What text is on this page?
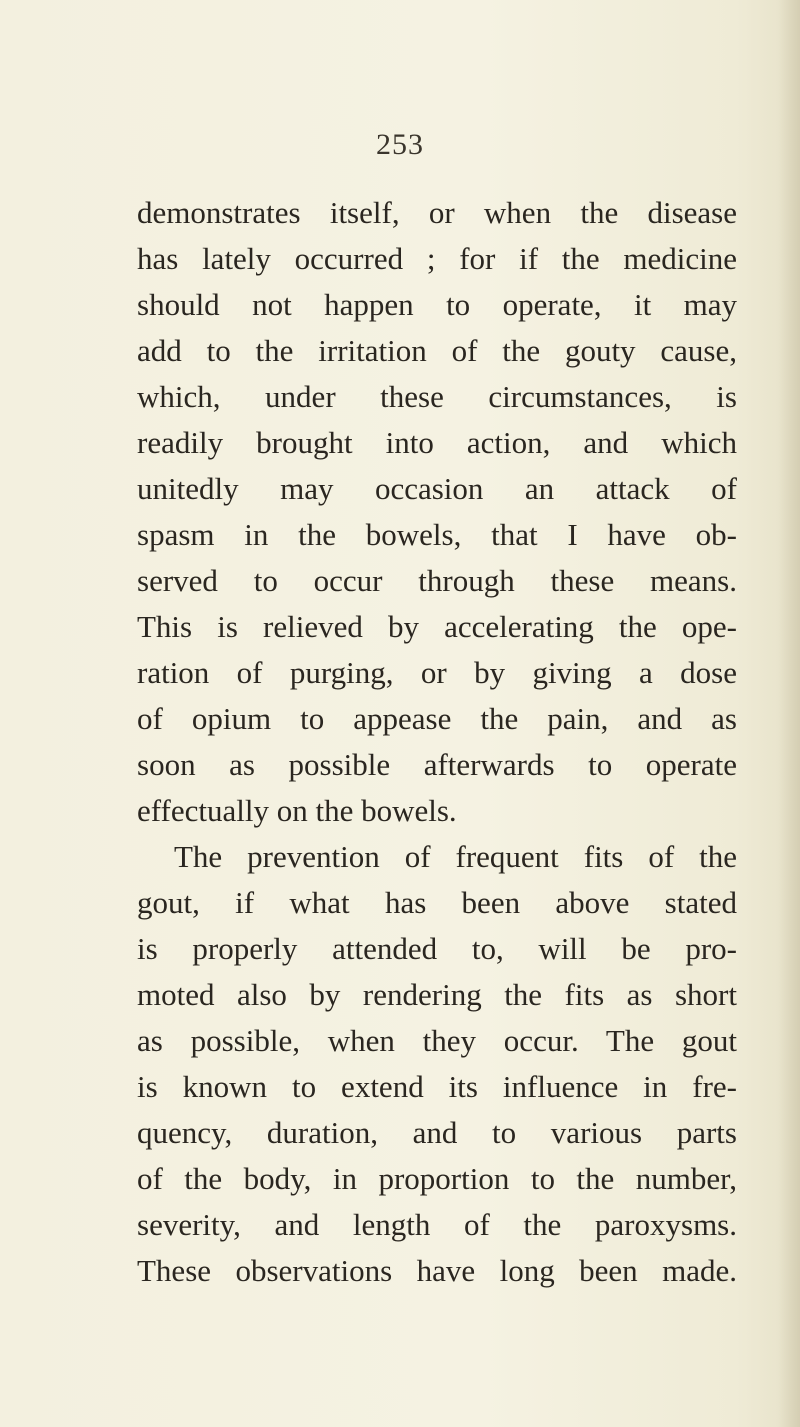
253
demonstrates itself, or when the disease
has lately occurred ; for if the medicine
should not happen to operate, it may
add to the irritation of the gouty cause,
which, under these circumstances, is
readily brought into action, and which
unitedly may occasion an attack of
spasm in the bowels, that I have ob-
served to occur through these means.
This is relieved by accelerating the ope-
ration of purging, or by giving a dose
of opium to appease the pain, and as
soon as possible afterwards to operate
effectually on the bowels.
The prevention of frequent fits of the
gout, if what has been above stated
is properly attended to, will be pro-
moted also by rendering the fits as short
as possible, when they occur. The gout
is known to extend its influence in fre-
quency, duration, and to various parts
of the body, in proportion to the number,
severity, and length of the paroxysms.
These observations have long been made.
